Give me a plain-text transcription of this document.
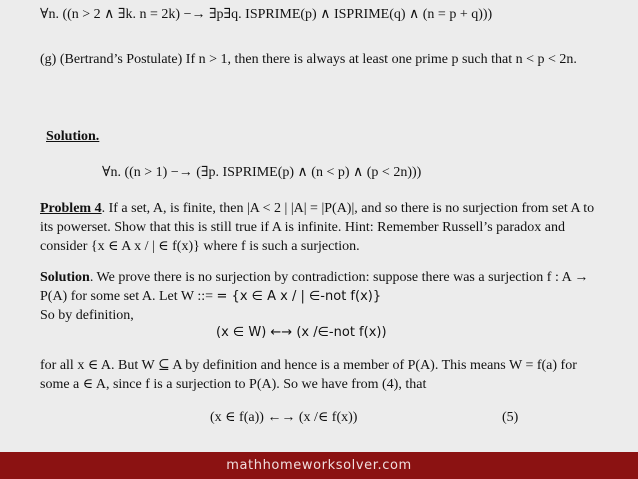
∀n. ((n > 2 ∧ ∃k. n = 2k) −→ ∃p∃q. ISPRIME(p) ∧ ISPRIME(q) ∧ (n = p + q)))
(g) (Bertrand’s Postulate) If n > 1, then there is always at least one prime p such that n < p < 2n.
Solution.
∀n. ((n > 1) −→ (∃p. ISPRIME(p) ∧ (n < p) ∧ (p < 2n)))
Problem 4. If a set, A, is finite, then |A < 2 | |A| = |P(A)|, and so there is no surjection from set A to its powerset. Show that this is still true if A is infinite. Hint: Remember Russell’s paradox and consider {x ∈ A x / | ∈ f(x)} where f is such a surjection.
Solution. We prove there is no surjection by contradiction: suppose there was a surjection f : A → P(A) for some set A. Let W ::= = {x ∈ A x / | ∈-not f(x)}
So by definition,
(x ∈ W) ←→ (x /∈-not f(x))
for all x ∈ A. But W ⊆ A by definition and hence is a member of P(A). This means W = f(a) for some a ∈ A, since f is a surjection to P(A). So we have from (4), that
(x ∈ f(a)) ←→ (x /∈ f(x))	(5)
mathhomeworksolver.com
